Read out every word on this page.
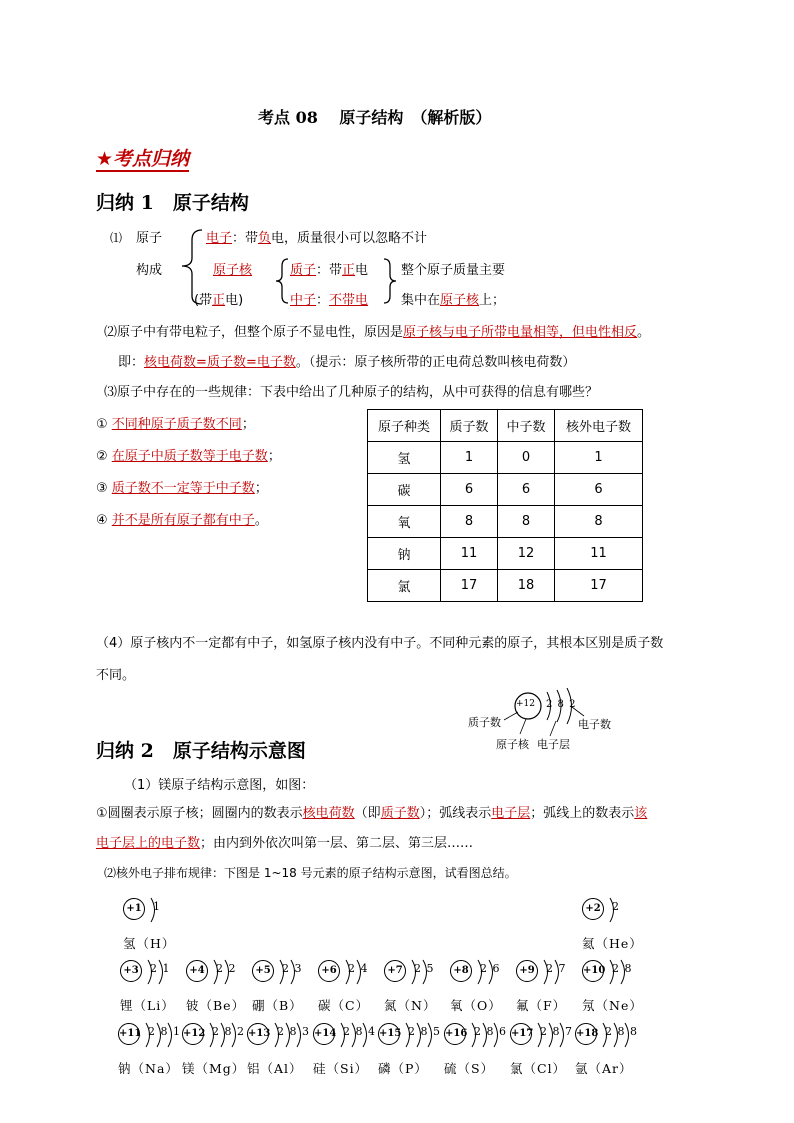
考点 08　 原子结构　（解析版）
★考点归纳
归纳 1　原子结构
⑴ 原子
构成
电子：带负电，质量很小可以忽略不计
原子核
(带正电)
质子：带正电
中子：不带电
整个原子质量主要
集中在原子核上；
⑵原子中有带电粒子，但整个原子不显电性，原因是原子核与电子所带电量相等，但电性相反。
即：核电荷数=质子数=电子数。（提示：原子核所带的正电荷总数叫核电荷数）
⑶原子中存在的一些规律：下表中给出了几种原子的结构，从中可获得的信息有哪些？
① 不同种原子质子数不同；
② 在原子中质子数等于电子数；
③ 质子数不一定等于中子数；
④ 并不是所有原子都有中子。
原子种类	质子数	中子数	核外电子数
氢	1	0	1
碳	6	6	6
氧	8	8	8
钠	11	12	11
氯	17	18	17
（4）原子核内不一定都有中子，如氢原子核内没有中子。不同种元素的原子，其根本区别是质子数
不同。
+12 2 8 2
质子数
原子核 电子层
电子数
归纳 2　原子结构示意图
（1）镁原子结构示意图，如图：
①圆圈表示原子核；圆圈内的数表示核电荷数（即质子数）；弧线表示电子层；弧线上的数表示该
电子层上的电子数；由内到外依次叫第一层、第二层、第三层……
⑵核外电子排布规律：下图是 1~18 号元素的原子结构示意图，试看图总结。
+1	1
氢（H）
+2	2
氦（He）
+3	2 1
锂（Li）
+4	2 2
铍（Be）
+5	2 3
硼（B）
+6	2 4
碳（C）
+7	2 5
氮（N）
+8	2 6
氧（O）
+9	2 7
氟（F）
+10 2 8
氖（Ne）
+11 2 8 1
钠（Na）
+12 2 8 2
镁（Mg）
+13 2 8 3
铝（Al）
+14 2 8 4
硅（Si）
+15 2 8 5
磷（P）
+16 2 8 6
硫（S）
+17 2 8 7
氯（Cl）
+18 2 8 8
氩（Ar）
